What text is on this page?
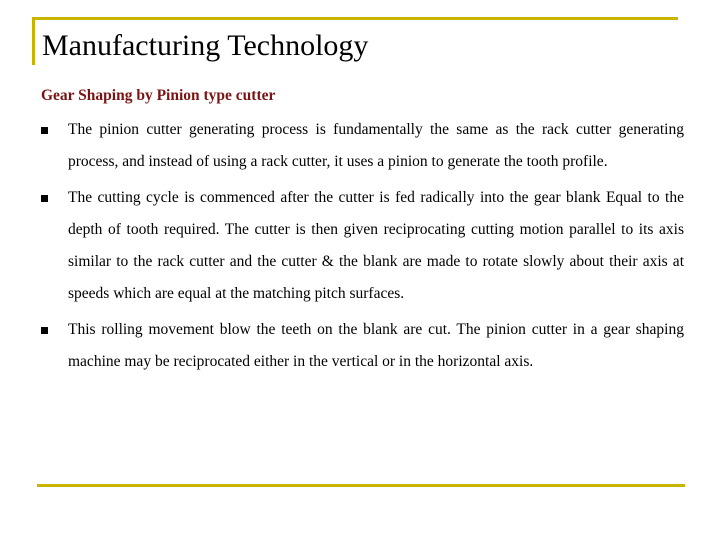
Manufacturing Technology
Gear Shaping by Pinion type cutter
The pinion cutter generating process is fundamentally the same as the rack cutter generating process, and instead of using a rack cutter, it uses a pinion to generate the tooth profile.
The cutting cycle is commenced after the cutter is fed radically into the gear blank Equal to the depth of tooth required. The cutter is then given reciprocating cutting motion parallel to its axis similar to the rack cutter and the cutter & the blank are made to rotate slowly about their axis at speeds which are equal at the matching pitch surfaces.
This rolling movement blow the teeth on the blank are cut. The pinion cutter in a gear shaping machine may be reciprocated either in the vertical or in the horizontal axis.
